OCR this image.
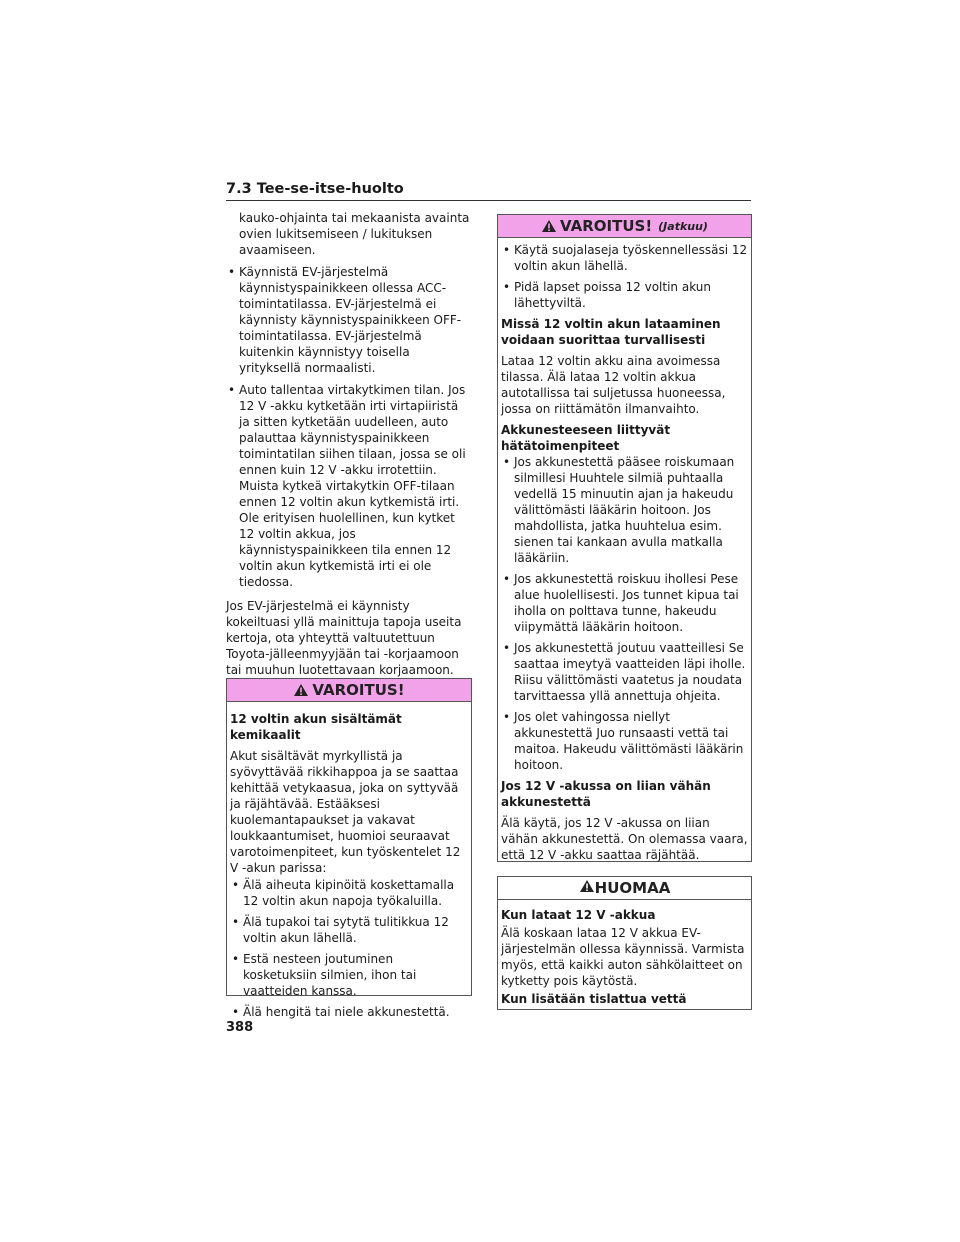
7.3 Tee-se-itse-huolto
kauko-ohjainta tai mekaanista avainta ovien lukitsemiseen / lukituksen avaamiseen.
• Käynnistä EV-järjestelmä käynnistyspainikkeen ollessa ACC-toimintatilassa. EV-järjestelmä ei käynnisty käynnistyspainikkeen OFF-toimintatilassa. EV-järjestelmä kuitenkin käynnistyy toisella yrityksellä normaalisti.
• Auto tallentaa virtakytkimen tilan. Jos 12 V -akku kytketään irti virtapiiristä ja sitten kytketään uudelleen, auto palauttaa käynnistyspainikkeen toimintatilan siihen tilaan, jossa se oli ennen kuin 12 V -akku irrotettiin. Muista kytkeä virtakytkin OFF-tilaan ennen 12 voltin akun kytkemistä irti. Ole erityisen huolellinen, kun kytket 12 voltin akkua, jos käynnistyspainikkeen tila ennen 12 voltin akun kytkemistä irti ei ole tiedossa.

Jos EV-järjestelmä ei käynnisty kokeiltuasi yllä mainittuja tapoja useita kertoja, ota yhteyttä valtuutettuun Toyota-jälleenmyyjään tai -korjaamoon tai muuhun luotettavaan korjaamoon.

VAROITUS!

12 voltin akun sisältämät kemikaalit

Akut sisältävät myrkyllistä ja syövyttävää rikkihappoa ja se saattaa kehittää vetykaasua, joka on syttyvää ja räjähtävää. Estääksesi kuolemantapaukset ja vakavat loukkaantumiset, huomioi seuraavat varotoimenpiteet, kun työskentelet 12 V -akun parissa:

• Älä aiheuta kipinöitä koskettamalla 12 voltin akun napoja työkaluilla.
• Älä tupakoi tai sytytä tulitikkua 12 voltin akun lähellä.
• Estä nesteen joutuminen kosketuksiin silmien, ihon tai vaatteiden kanssa.
• Älä hengitä tai niele akkunestettä.
VAROITUS! (Jatkuu)
• Käytä suojalaseja työskennellessäsi 12 voltin akun lähellä.
• Pidä lapset poissa 12 voltin akun lähettyviltä.

Missä 12 voltin akun lataaminen voidaan suorittaa turvallisesti

Lataa 12 voltin akku aina avoimessa tilassa. Älä lataa 12 voltin akkua autotallissa tai suljetussa huoneessa, jossa on riittämätön ilmanvaihto.

Akkunesteeseen liittyvät hätätoimenpiteet

• Jos akkunestettä pääsee roiskumaan silmillesi Huuhtele silmiä puhtaalla vedellä 15 minuutin ajan ja hakeudu välittömästi lääkärin hoitoon. Jos mahdollista, jatka huuhtelua esim. sienen tai kankaan avulla matkalla lääkäriin.
• Jos akkunestettä roiskuu ihollesi Pese alue huolellisesti. Jos tunnet kipua tai iholla on polttava tunne, hakeudu viipymättä lääkärin hoitoon.
• Jos akkunestettä joutuu vaatteillesi Se saattaa imeytyä vaatteiden läpi iholle. Riisu välittömästi vaatetus ja noudata tarvittaessa yllä annettuja ohjeita.
• Jos olet vahingossa niellyt akkunestettä Juo runsaasti vettä tai maitoa. Hakeudu välittömästi lääkärin hoitoon.

Jos 12 V -akussa on liian vähän akkunestettä

Älä käytä, jos 12 V -akussa on liian vähän akkunestettä. On olemassa vaara, että 12 V -akku saattaa räjähtää.

HUOMAA

Kun lataat 12 V -akkua

Älä koskaan lataa 12 V akkua EV-järjestelmän ollessa käynnissä. Varmista myös, että kaikki auton sähkölaitteet on kytketty pois käytöstä.

Kun lisätään tislattua vettä

388
